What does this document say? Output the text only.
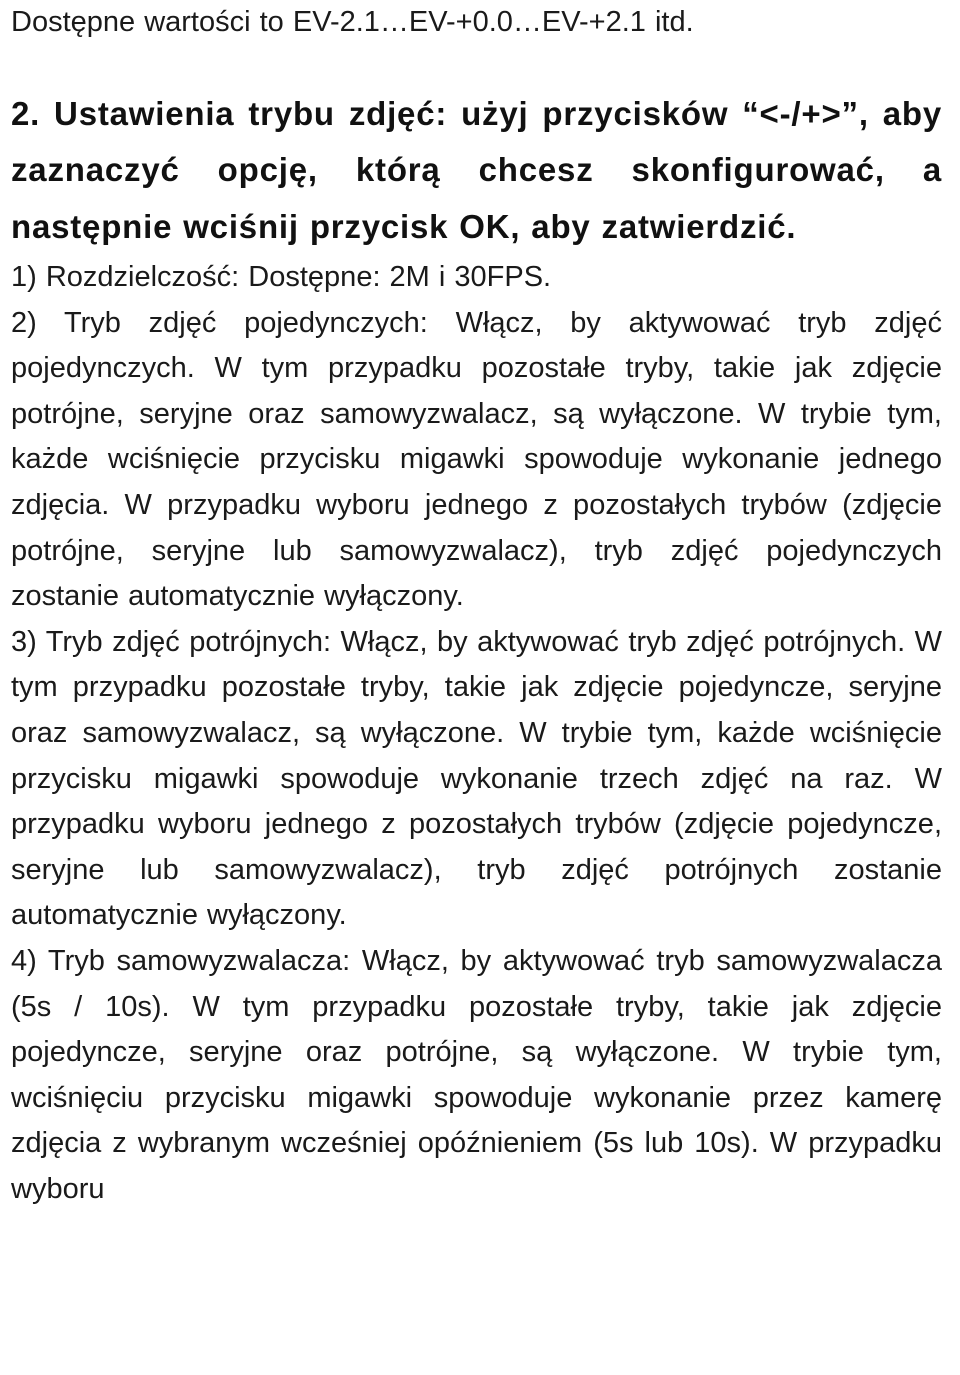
Dostępne wartości to EV-2.1…EV-+0.0…EV-+2.1 itd.

2. Ustawienia trybu zdjęć: użyj przycisków “<-/+>”, aby zaznaczyć opcję, którą chcesz skonfigurować, a następnie wciśnij przycisk OK, aby zatwierdzić.

1) Rozdzielczość: Dostępne: 2M i 30FPS.

2) Tryb zdjęć pojedynczych: Włącz, by aktywować tryb zdjęć pojedynczych. W tym przypadku pozostałe tryby, takie jak zdjęcie potrójne, seryjne oraz samowyzwalacz, są wyłączone. W trybie tym, każde wciśnięcie przycisku migawki spowoduje wykonanie jednego zdjęcia. W przypadku wyboru jednego z pozostałych trybów (zdjęcie potrójne, seryjne lub samowyzwalacz), tryb zdjęć pojedynczych zostanie automatycznie wyłączony.

3) Tryb zdjęć potrójnych: Włącz, by aktywować tryb zdjęć potrójnych. W tym przypadku pozostałe tryby, takie jak zdjęcie pojedyncze, seryjne oraz samowyzwalacz, są wyłączone. W trybie tym, każde wciśnięcie przycisku migawki spowoduje wykonanie trzech zdjęć na raz. W przypadku wyboru jednego z pozostałych trybów (zdjęcie pojedyncze, seryjne lub samowyzwalacz), tryb zdjęć potrójnych zostanie automatycznie wyłączony.

4) Tryb samowyzwalacza: Włącz, by aktywować tryb samowyzwalacza (5s / 10s). W tym przypadku pozostałe tryby, takie jak zdjęcie pojedyncze, seryjne oraz potrójne, są wyłączone. W trybie tym, wciśnięciu przycisku migawki spowoduje wykonanie przez kamerę zdjęcia z wybranym wcześniej opóźnieniem (5s lub 10s). W przypadku wyboru
